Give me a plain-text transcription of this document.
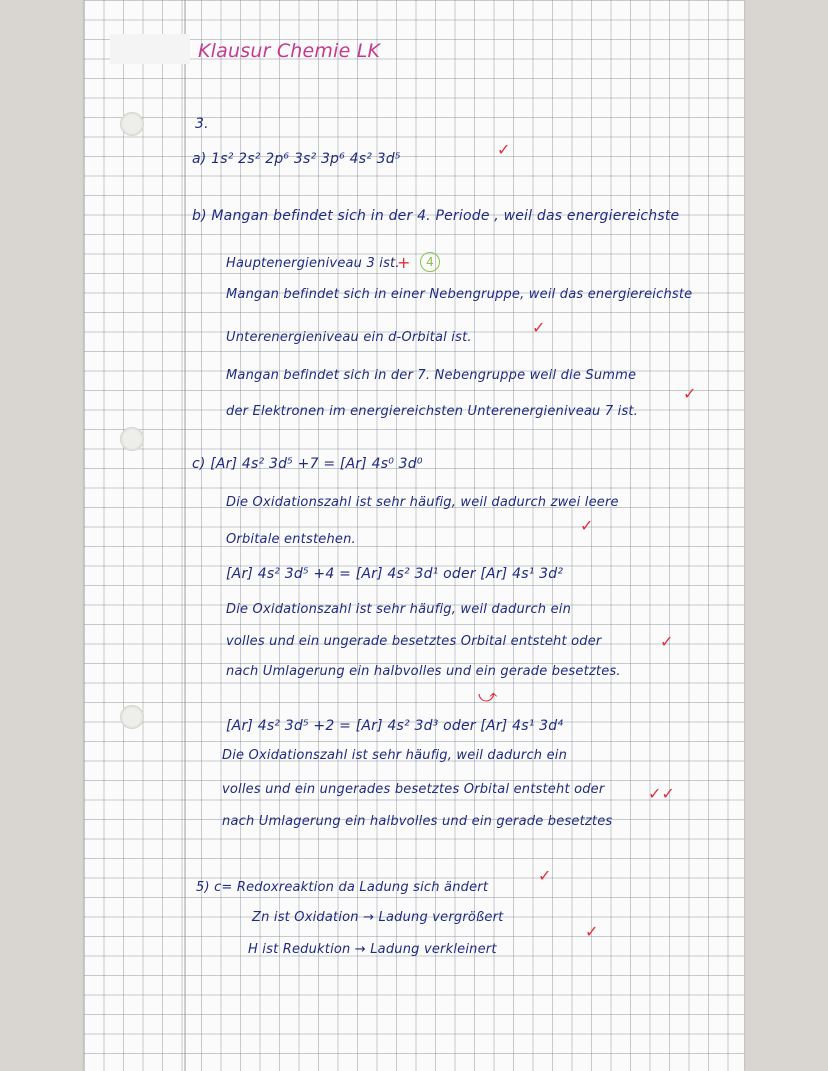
Klausur Chemie LK
3.
a) 1s² 2s² 2p⁶ 3s² 3p⁶ 4s² 3d⁵	✓
b) Mangan befindet sich in der 4. Periode , weil das energiereichste
Hauptenergieniveau 3 ist.
+	4
Mangan befindet sich in einer Nebengruppe, weil das energiereichste
Unterenergieniveau ein d-Orbital ist.
✓
Mangan befindet sich in der 7. Nebengruppe weil die Summe
✓
der Elektronen im energiereichsten Unterenergieniveau 7 ist.
c) [Ar] 4s² 3d⁵ +7 = [Ar] 4s⁰ 3d⁰
Die Oxidationszahl ist sehr häufig, weil dadurch zwei leere
✓
Orbitale entstehen.
[Ar] 4s² 3d⁵ +4 = [Ar] 4s² 3d¹ oder [Ar] 4s¹ 3d²
Die Oxidationszahl ist sehr häufig, weil dadurch ein
volles und ein ungerade besetztes Orbital entsteht oder	✓
nach Umlagerung ein halbvolles und ein gerade besetztes.
⤻
[Ar] 4s² 3d⁵ +2 = [Ar] 4s² 3d³ oder [Ar] 4s¹ 3d⁴
Die Oxidationszahl ist sehr häufig, weil dadurch ein
volles und ein ungerades besetztes Orbital entsteht oder	✓✓
nach Umlagerung ein halbvolles und ein gerade besetztes
5) c= Redoxreaktion da Ladung sich ändert
✓
Zn ist Oxidation → Ladung vergrößert
✓
H ist Reduktion → Ladung verkleinert
